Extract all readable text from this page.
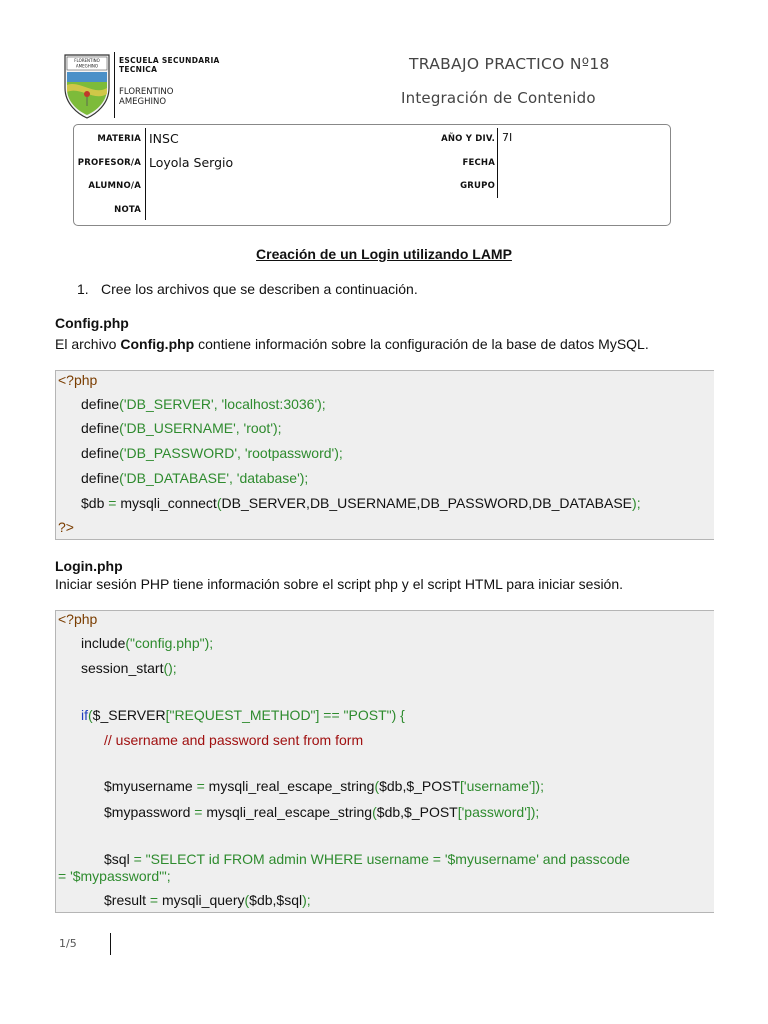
FLORENTINO
AMEGHINO
ESCUELA SECUNDARIA
TECNICA
FLORENTINO
AMEGHINO
TRABAJO PRACTICO Nº18
Integración de Contenido
MATERIA
PROFESOR/A
ALUMNO/A
NOTA
INSC
Loyola Sergio
AÑO Y DIV.
FECHA
GRUPO
7I
Creación de un Login utilizando LAMP
1. Cree los archivos que se describen a continuación.
Config.php
El archivo Config.php contiene información sobre la configuración de la base de datos MySQL.
<?php
define('DB_SERVER', 'localhost:3036');
define('DB_USERNAME', 'root');
define('DB_PASSWORD', 'rootpassword');
define('DB_DATABASE', 'database');
$db = mysqli_connect(DB_SERVER,DB_USERNAME,DB_PASSWORD,DB_DATABASE);
?>
Login.php
Iniciar sesión PHP tiene información sobre el script php y el script HTML para iniciar sesión.
<?php
include("config.php");
session_start();
if($_SERVER["REQUEST_METHOD"] == "POST") {
// username and password sent from form
$myusername = mysqli_real_escape_string($db,$_POST['username']);
$mypassword = mysqli_real_escape_string($db,$_POST['password']);
$sql = "SELECT id FROM admin WHERE username = '$myusername' and passcode
= '$mypassword'";
$result = mysqli_query($db,$sql);
1/5
